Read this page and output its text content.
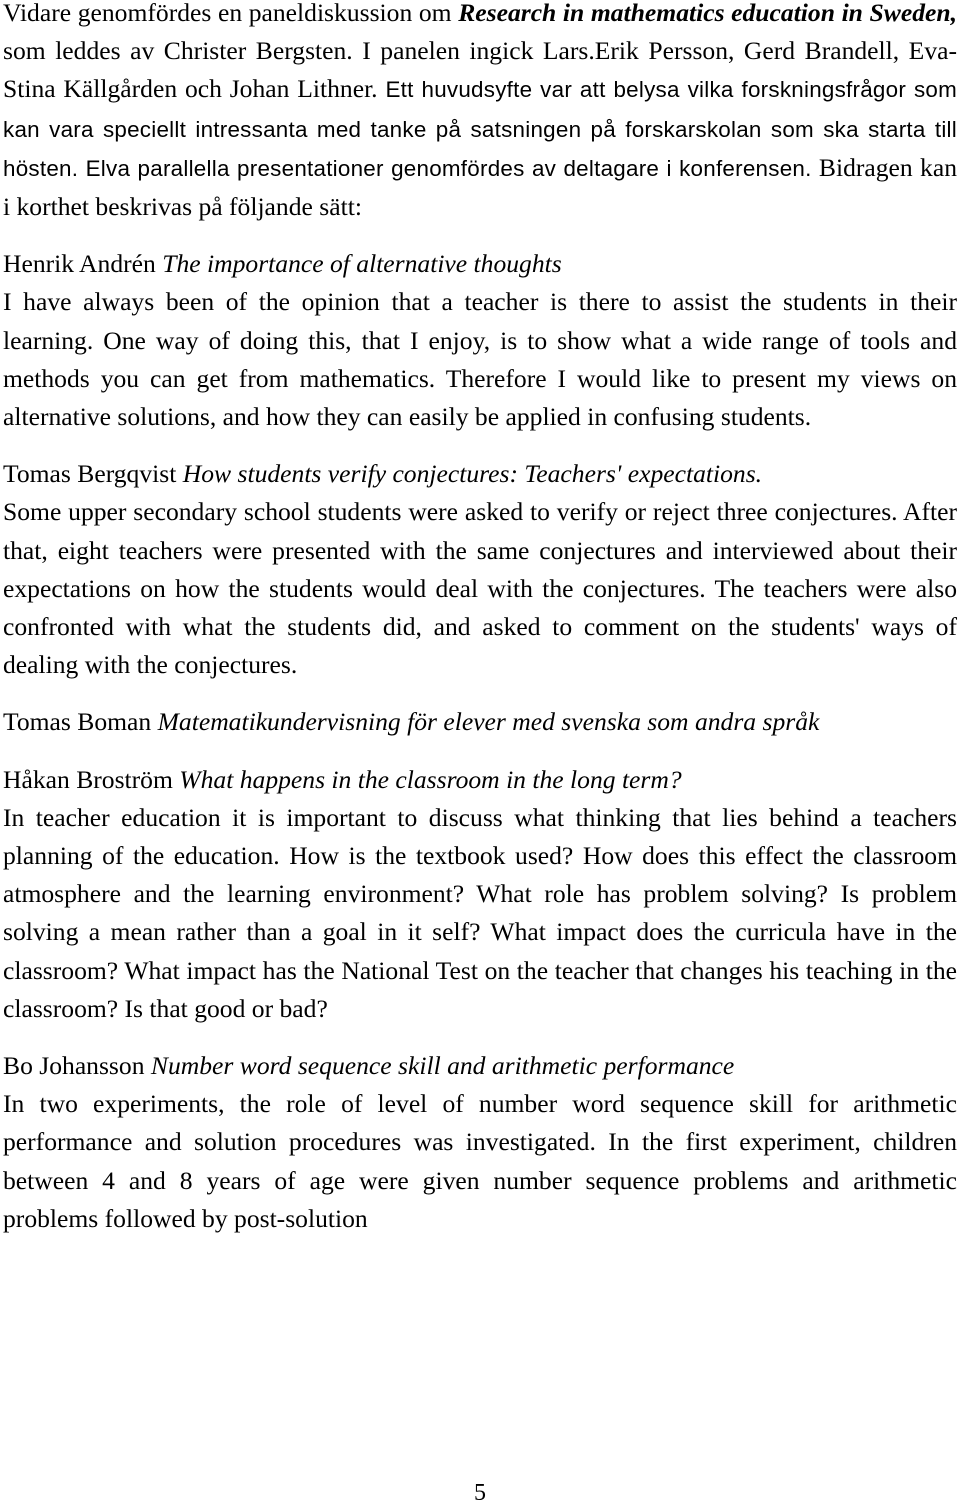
Vidare genomfördes en paneldiskussion om Research in mathematics education in Sweden, som leddes av Christer Bergsten. I panelen ingick Lars.Erik Persson, Gerd Brandell, Eva-Stina Källgården och Johan Lithner. Ett huvudsyfte var att belysa vilka forskningsfrågor som kan vara speciellt intressanta med tanke på satsningen på forskarskolan som ska starta till hösten. Elva parallella presentationer genomfördes av deltagare i konferensen. Bidragen kan i korthet beskrivas på följande sätt:

Henrik Andrén The importance of alternative thoughts

I have always been of the opinion that a teacher is there to assist the students in their learning. One way of doing this, that I enjoy, is to show what a wide range of tools and methods you can get from mathematics. Therefore I would like to present my views on alternative solutions, and how they can easily be applied in confusing students.

Tomas Bergqvist How students verify conjectures: Teachers' expectations.

Some upper secondary school students were asked to verify or reject three conjectures. After that, eight teachers were presented with the same conjectures and interviewed about their expectations on how the students would deal with the conjectures. The teachers were also confronted with what the students did, and asked to comment on the students' ways of dealing with the conjectures.

Tomas Boman Matematikundervisning för elever med svenska som andra språk

Håkan Broström What happens in the classroom in the long term?

In teacher education it is important to discuss what thinking that lies behind a teachers planning of the education. How is the textbook used? How does this effect the classroom atmosphere and the learning environment? What role has problem solving? Is problem solving a mean rather than a goal in it self? What impact does the curricula have in the classroom? What impact has the National Test on the teacher that changes his teaching in the classroom? Is that good or bad?

Bo Johansson Number word sequence skill and arithmetic performance

In two experiments, the role of level of number word sequence skill for arithmetic performance and solution procedures was investigated. In the first experiment, children between 4 and 8 years of age were given number sequence problems and arithmetic problems followed by post-solution

5
